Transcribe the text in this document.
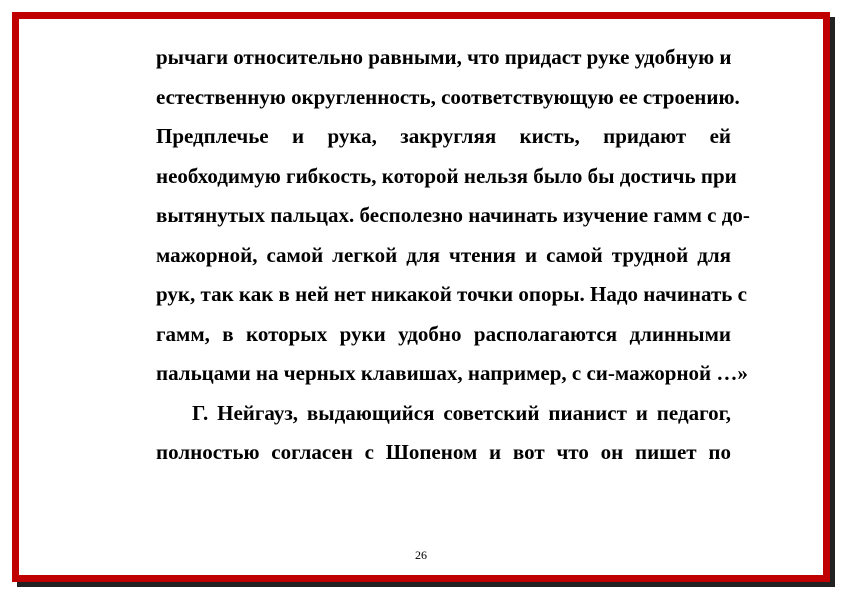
рычаги относительно равными, что придаст руке удобную и
естественную округленность, соответствующую ее строению.
Предплечье и рука, закругляя кисть, придают ей
необходимую гибкость, которой нельзя было бы достичь при
вытянутых пальцах. бесполезно начинать изучение гамм с до-
мажорной, самой легкой для чтения и самой трудной для
рук, так как в ней нет никакой точки опоры. Надо начинать с
гамм, в которых руки удобно располагаются длинными
пальцами на черных клавишах, например, с си-мажорной …»
Г. Нейгауз, выдающийся советский пианист и педагог,
полностью согласен с Шопеном и вот что он пишет по
26
